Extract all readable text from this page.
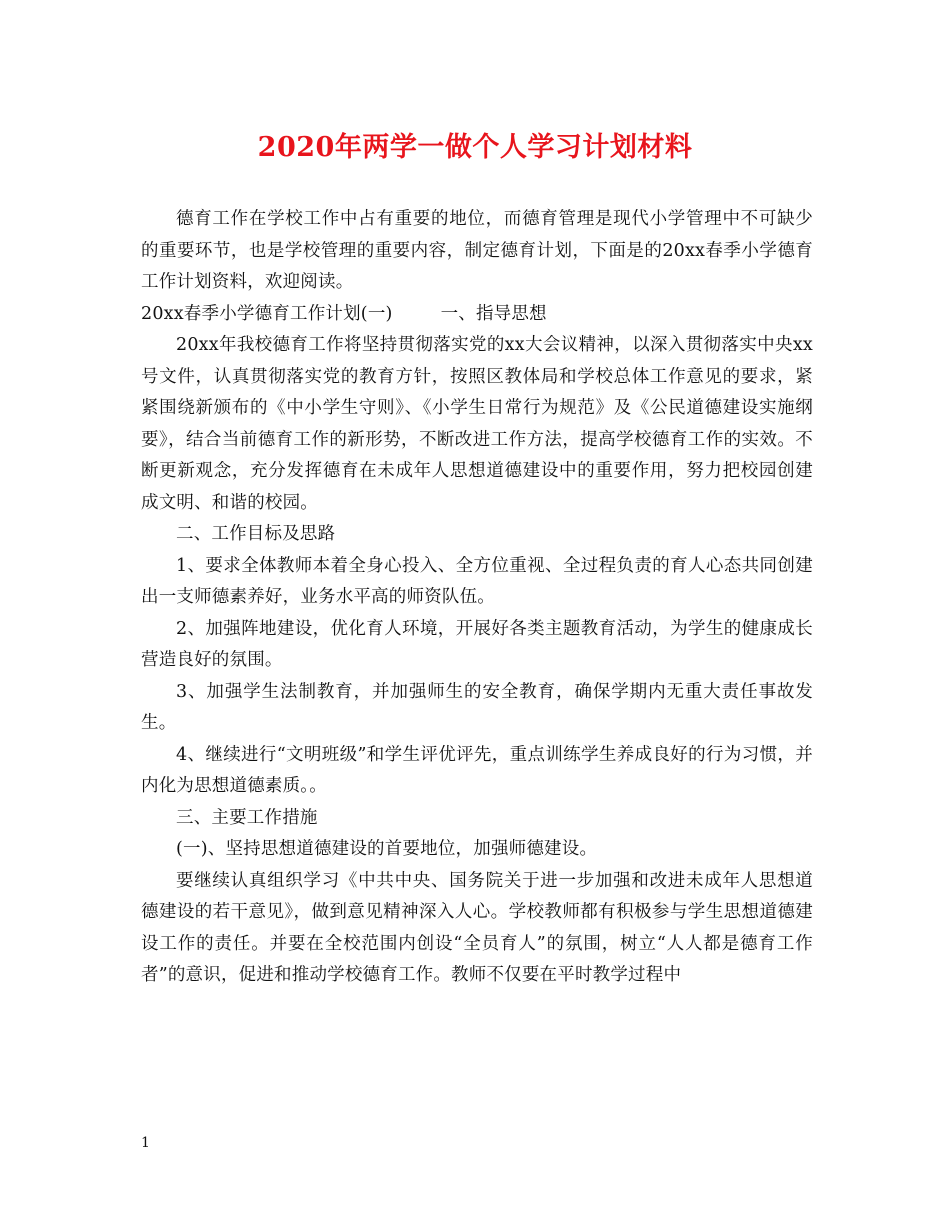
2020年两学一做个人学习计划材料

德育工作在学校工作中占有重要的地位，而德育管理是现代小学管理中不可缺少的重要环节，也是学校管理的重要内容，制定德育计划，下面是的20xx春季小学德育工作计划资料，欢迎阅读。

20xx春季小学德育工作计划(一)	一、指导思想

20xx年我校德育工作将坚持贯彻落实党的xx大会议精神，以深入贯彻落实中央xx号文件，认真贯彻落实党的教育方针，按照区教体局和学校总体工作意见的要求，紧紧围绕新颁布的《中小学生守则》、《小学生日常行为规范》及《公民道德建设实施纲要》，结合当前德育工作的新形势，不断改进工作方法，提高学校德育工作的实效。不断更新观念，充分发挥德育在未成年人思想道德建设中的重要作用，努力把校园创建成文明、和谐的校园。

二、工作目标及思路

1、要求全体教师本着全身心投入、全方位重视、全过程负责的育人心态共同创建出一支师德素养好，业务水平高的师资队伍。

2、加强阵地建设，优化育人环境，开展好各类主题教育活动，为学生的健康成长营造良好的氛围。

3、加强学生法制教育，并加强师生的安全教育，确保学期内无重大责任事故发生。

4、继续进行“文明班级”和学生评优评先，重点训练学生养成良好的行为习惯，并内化为思想道德素质。。

三、主要工作措施

(一)、坚持思想道德建设的首要地位，加强师德建设。

要继续认真组织学习《中共中央、国务院关于进一步加强和改进未成年人思想道德建设的若干意见》，做到意见精神深入人心。学校教师都有积极参与学生思想道德建设工作的责任。并要在全校范围内创设“全员育人”的氛围，树立“人人都是德育工作者”的意识，促进和推动学校德育工作。教师不仅要在平时教学过程中

1
